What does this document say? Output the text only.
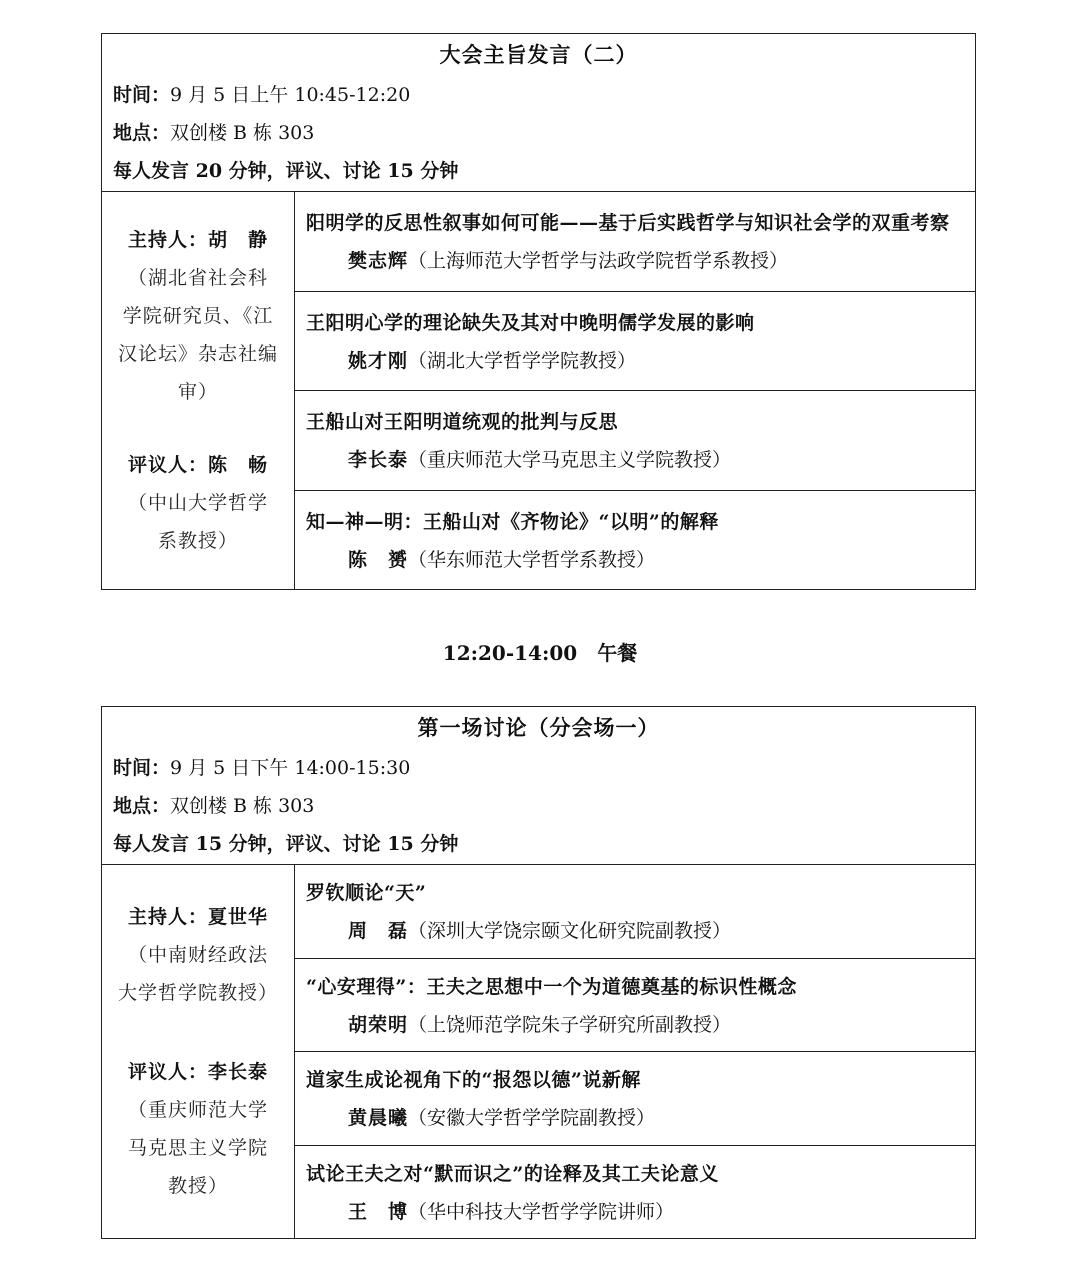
大会主旨发言（二）
时间：9 月 5 日上午 10:45-12:20
地点：双创楼 B 栋 303
每人发言 20 分钟，评议、讨论 15 分钟
主持人：胡　静
（湖北省社会科
学院研究员、《江
汉论坛》杂志社编
审）
评议人：陈　畅
（中山大学哲学
系教授）
阳明学的反思性叙事如何可能——基于后实践哲学与知识社会学的双重考察
樊志辉（上海师范大学哲学与法政学院哲学系教授）
王阳明心学的理论缺失及其对中晚明儒学发展的影响
姚才刚（湖北大学哲学学院教授）
王船山对王阳明道统观的批判与反思
李长泰（重庆师范大学马克思主义学院教授）
知—神—明：王船山对《齐物论》“以明”的解释
陈　赟（华东师范大学哲学系教授）
12:20-14:00　午餐
第一场讨论（分会场一）
时间：9 月 5 日下午 14:00-15:30
地点：双创楼 B 栋 303
每人发言 15 分钟，评议、讨论 15 分钟
主持人：夏世华
（中南财经政法
大学哲学院教授）
评议人：李长泰
（重庆师范大学
马克思主义学院
教授）
罗钦顺论“天”
周　磊（深圳大学饶宗颐文化研究院副教授）
“心安理得”：王夫之思想中一个为道德奠基的标识性概念
胡荣明（上饶师范学院朱子学研究所副教授）
道家生成论视角下的“报怨以德”说新解
黄晨曦（安徽大学哲学学院副教授）
试论王夫之对“默而识之”的诠释及其工夫论意义
王　博（华中科技大学哲学学院讲师）
